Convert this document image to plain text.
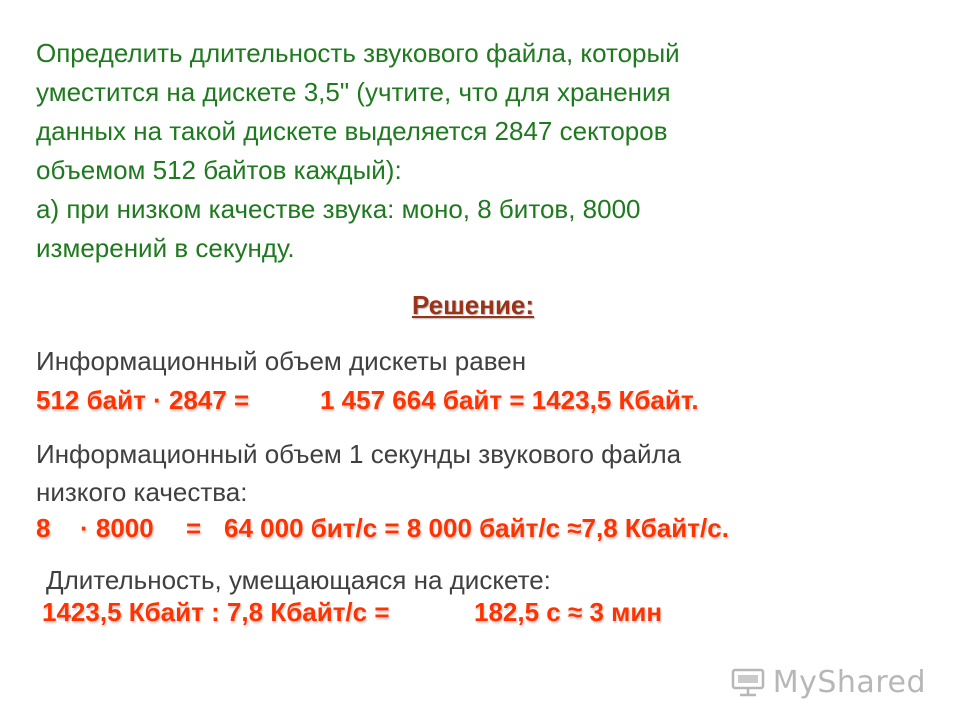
Определить длительность звукового файла, который
уместится на дискете 3,5" (учтите, что для хранения
данных на такой дискете выделяется 2847 секторов
объемом 512 байтов каждый):
а) при низком качестве звука: моно, 8 битов, 8000
измерений в секунду.
Решение:
Информационный объем дискеты равен
512 байт · 2847 =	1 457 664 байт = 1423,5 Кбайт.
Информационный объем 1 секунды звукового файла
низкого качества:
8 · 8000 = 64 000 бит/с = 8 000 байт/с ≈7,8 Кбайт/с.
Длительность, умещающаяся на дискете:
1423,5 Кбайт : 7,8 Кбайт/с =	182,5 с ≈ 3 мин
MyShared
